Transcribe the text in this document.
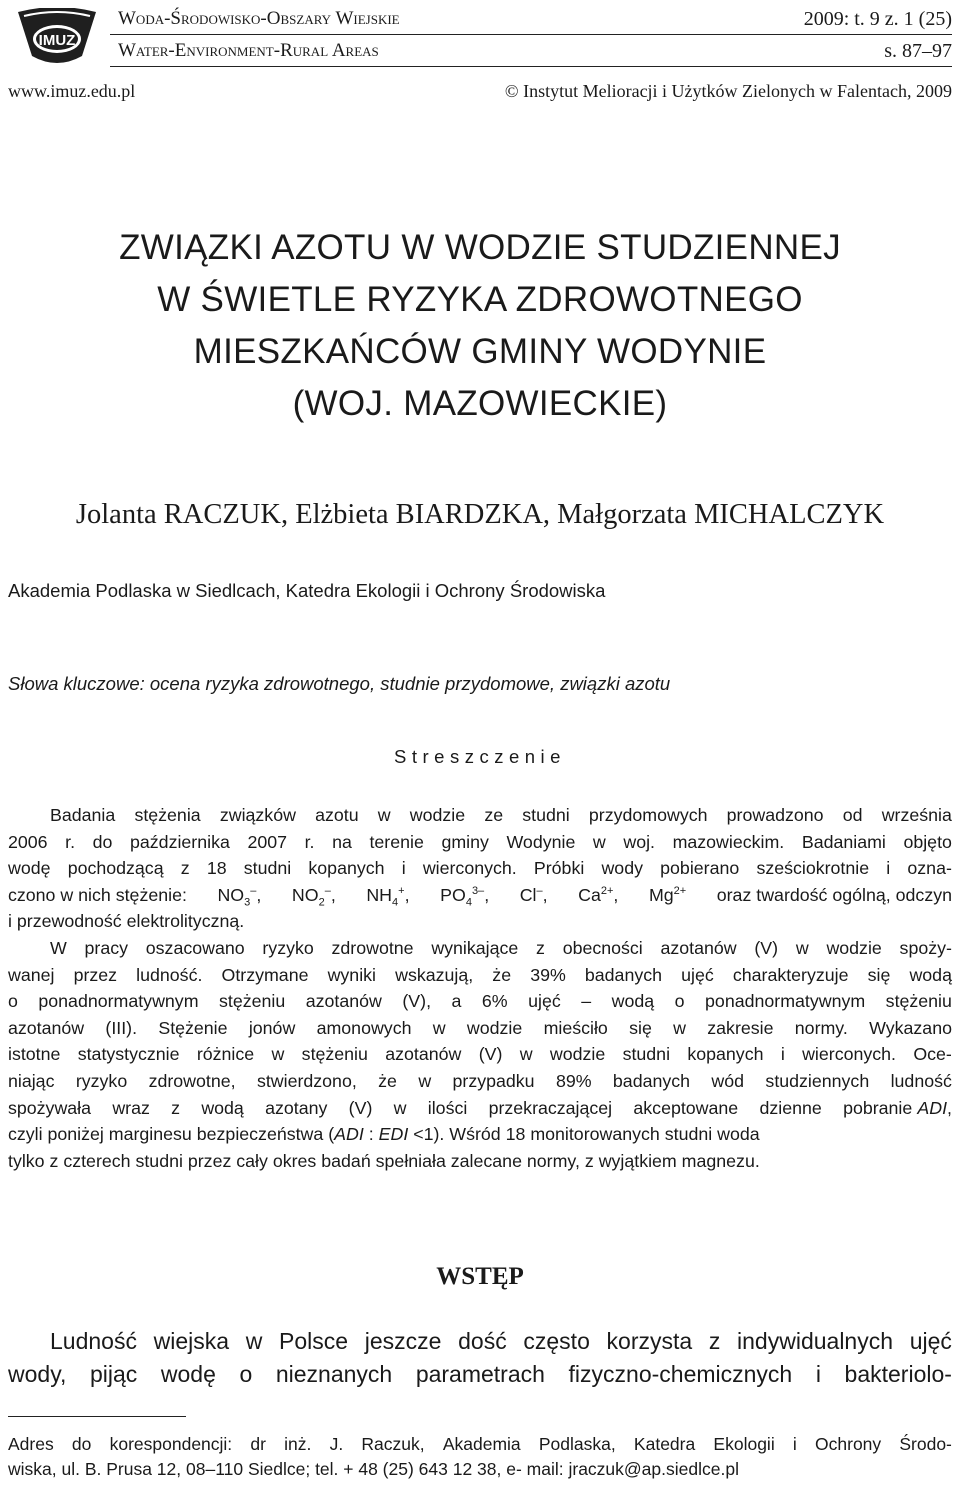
IMUZ
Woda-Środowisko-Obszary Wiejskie	2009: t. 9 z. 1 (25)
Water-Environment-Rural Areas	s. 87–97
www.imuz.edu.pl	© Instytut Melioracji i Użytków Zielonych w Falentach, 2009
ZWIĄZKI AZOTU W WODZIE STUDZIENNEJ
W ŚWIETLE RYZYKA ZDROWOTNEGO
MIESZKAŃCÓW GMINY WODYNIE
(WOJ. MAZOWIECKIE)
Jolanta RACZUK, Elżbieta BIARDZKA, Małgorzata MICHALCZYK
Akademia Podlaska w Siedlcach, Katedra Ekologii i Ochrony Środowiska
Słowa kluczowe: ocena ryzyka zdrowotnego, studnie przydomowe, związki azotu
Streszczenie
Badania stężenia związków azotu w wodzie ze studni przydomowych prowadzono od września
2006 r. do października 2007 r. na terenie gminy Wodynie w woj. mazowieckim. Badaniami objęto
wodę pochodzącą z 18 studni kopanych i wierconych. Próbki wody pobierano sześciokrotnie i ozna-
czono w nich stężenie: $NO_3^-$, $NO_2^-$, $NH_4^+$, $PO_4^{3-}$, Cl–, $Ca^{2+}$, $Mg^{2+}$ oraz twardość ogólną, odczyn
i przewodność elektrolityczną.
W pracy oszacowano ryzyko zdrowotne wynikające z obecności azotanów (V) w wodzie spoży-
wanej przez ludność. Otrzymane wyniki wskazują, że 39% badanych ujęć charakteryzuje się wodą
o ponadnormatywnym stężeniu azotanów (V), a 6% ujęć – wodą o ponadnormatywnym stężeniu
azotanów (III). Stężenie jonów amonowych w wodzie mieściło się w zakresie normy. Wykazano
istotne statystycznie różnice w stężeniu azotanów (V) w wodzie studni kopanych i wierconych. Oce-
niając ryzyko zdrowotne, stwierdzono, że w przypadku 89% badanych wód studziennych ludność
spożywała wraz z wodą azotany (V) w ilości przekraczającej akceptowane dzienne pobranie
ADI ,
czyli poniżej marginesu bezpieczeństwa ( ADI : EDI <1). Wśród 18 monitorowanych studni woda
tylko z czterech studni przez cały okres badań spełniała zalecane normy, z wyjątkiem magnezu.
WSTĘP
Ludność wiejska w Polsce jeszcze dość często korzysta z indywidualnych ujęć
wody, pijąc wodę o nieznanych parametrach fizyczno-chemicznych i bakteriolo-
Adres do korespondencji: dr inż. J. Raczuk, Akademia Podlaska, Katedra Ekologii i Ochrony Środo-
wiska, ul. B. Prusa 12, 08–110 Siedlce; tel. + 48 (25) 643 12 38, e- mail: jraczuk@ap.siedlce.pl
